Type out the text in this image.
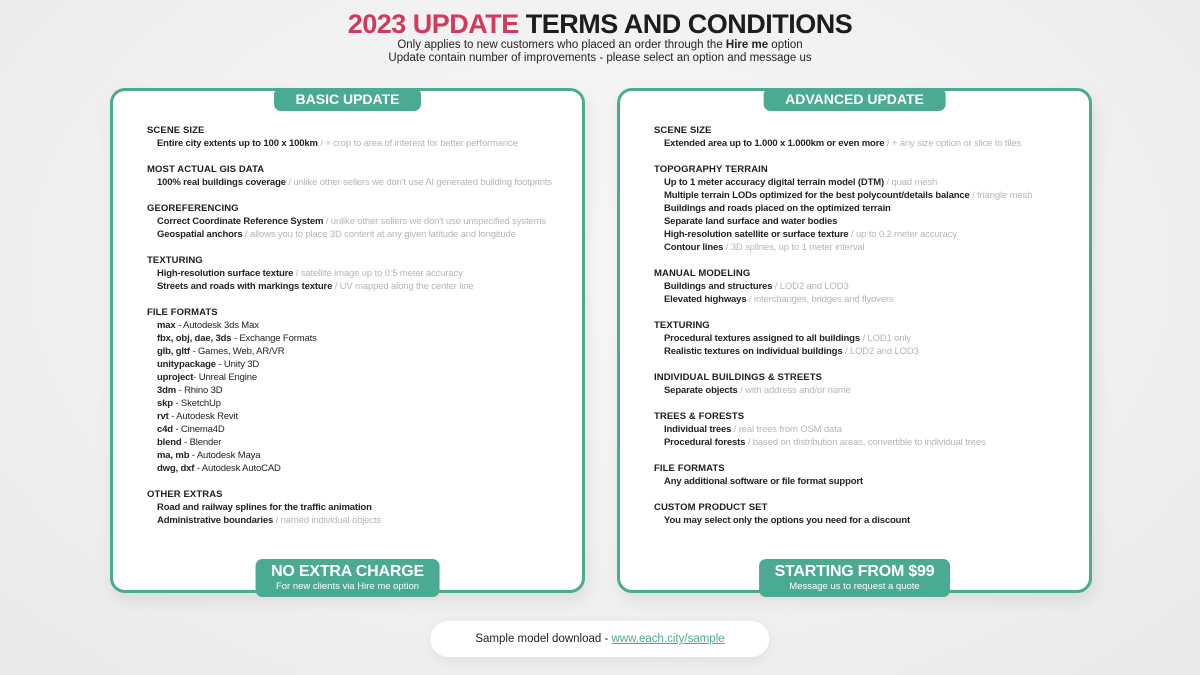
2023 UPDATE TERMS AND CONDITIONS

Only applies to new customers who placed an order through the Hire me option

Update contain number of improvements - please select an option and message us

BASIC UPDATE
SCENE SIZE
Entire city extents up to 100 x 100km / + crop to area of interest for better performance
MOST ACTUAL GIS DATA
100% real buildings coverage / unlike other sellers we don't use AI generated building footprints
GEOREFERENCING
Correct Coordinate Reference System / unlike other sellers we don't use unspecified systems
Geospatial anchors / allows you to place 3D content at any given latitude and longitude
TEXTURING
High-resolution surface texture / satellite image up to 0.5 meter accuracy
Streets and roads with markings texture / UV mapped along the center line
FILE FORMATS
max - Autodesk 3ds Max
fbx, obj, dae, 3ds - Exchange Formats
glb, gltf - Games, Web, AR/VR
unitypackage - Unity 3D
uproject- Unreal Engine
3dm - Rhino 3D
skp - SketchUp
rvt - Autodesk Revit
c4d - Cinema4D
blend - Blender
ma, mb - Autodesk Maya
dwg, dxf - Autodesk AutoCAD
OTHER EXTRAS
Road and railway splines for the traffic animation
Administrative boundaries / named individual objects
NO EXTRA CHARGE
For new clients via Hire me option
ADVANCED UPDATE
SCENE SIZE
Extended area up to 1.000 x 1.000km or even more / + any size option or slice to tiles
TOPOGRAPHY TERRAIN
Up to 1 meter accuracy digital terrain model (DTM) / quad mesh
Multiple terrain LODs optimized for the best polycount/details balance / triangle mesh
Buildings and roads placed on the optimized terrain
Separate land surface and water bodies
High-resolution satellite or surface texture / up to 0.2 meter accuracy
Contour lines / 3D splines, up to 1 meter interval
MANUAL MODELING
Buildings and structures / LOD2 and LOD3
Elevated highways / interchanges, bridges and flyovers
TEXTURING
Procedural textures assigned to all buildings / LOD1 only
Realistic textures on individual buildings / LOD2 and LOD3
INDIVIDUAL BUILDINGS & STREETS
Separate objects / with address and/or name
TREES & FORESTS
Individual trees / real trees from OSM data
Procedural forests / based on distribution areas, convertible to individual trees
FILE FORMATS
Any additional software or file format support
CUSTOM PRODUCT SET
You may select only the options you need for a discount
STARTING FROM $99
Message us to request a quote
Sample model download - www.each.city/sample
